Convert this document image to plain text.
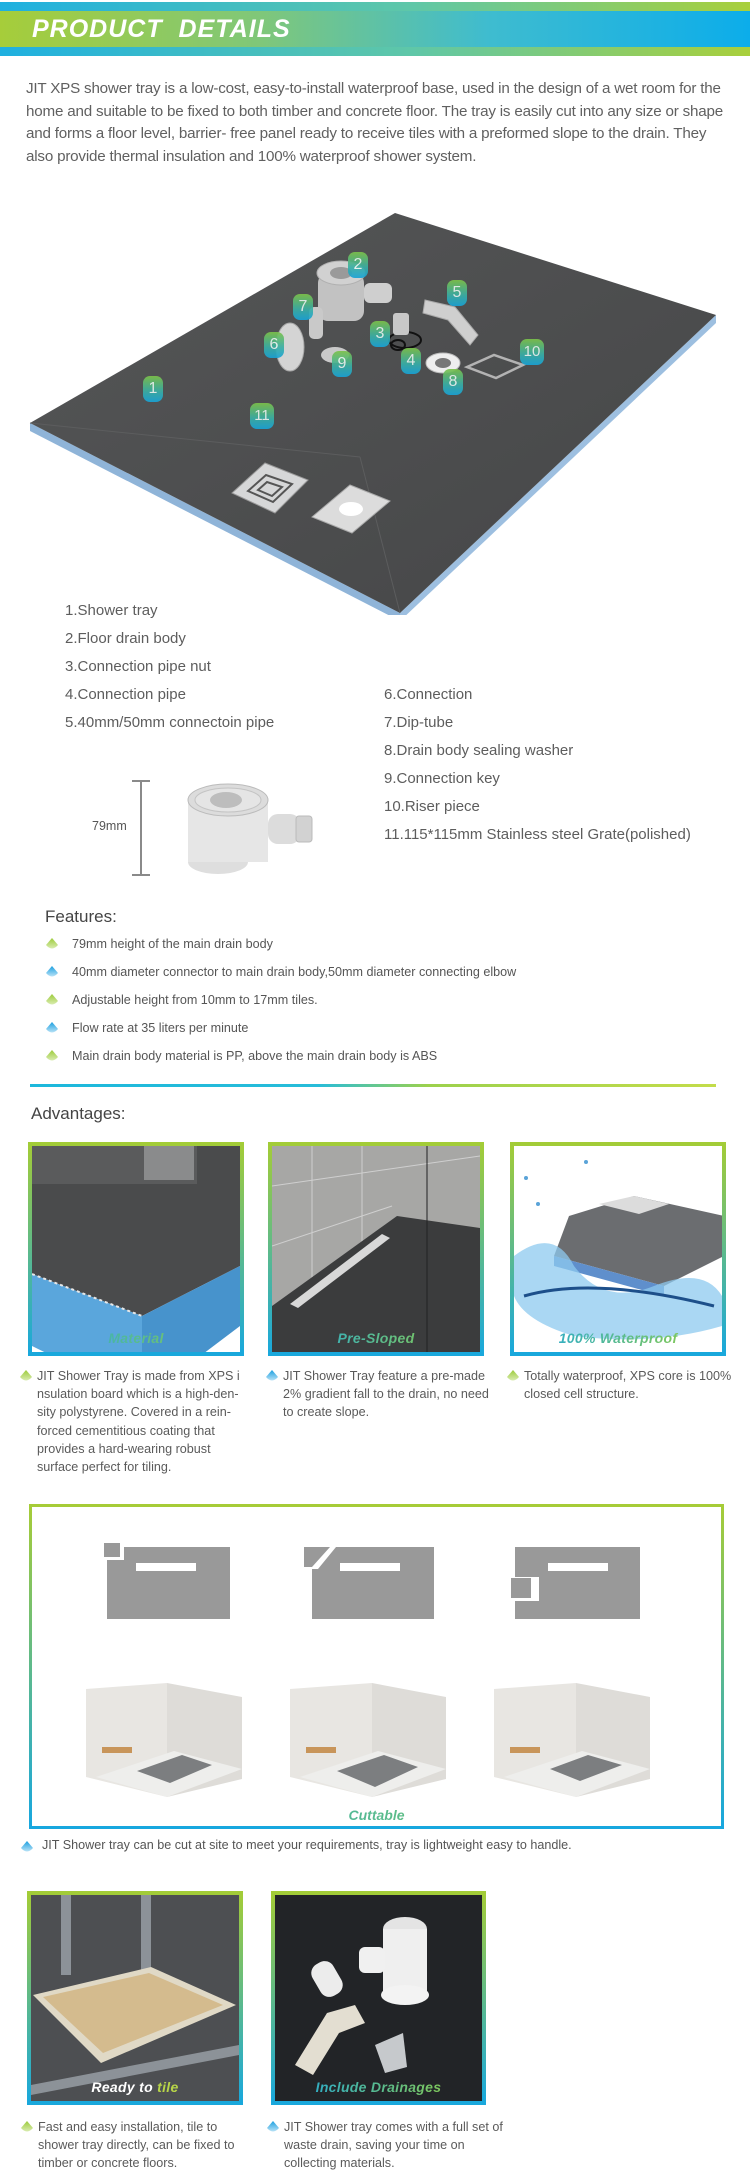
PRODUCT DETAILS

JIT XPS shower tray is a low-cost, easy-to-install waterproof base, used in the design of a wet room for the home and suitable to be fixed to both timber and concrete floor. The tray is easily cut into any size or shape and forms a floor level, barrier- free panel ready to receive tiles with a preformed slope to the drain. They also provide thermal insulation and 100% waterproof shower system.

1
2
3
4
5
6
7
8
9
10
11
1.Shower tray
2.Floor drain body
3.Connection pipe nut
4.Connection pipe
5.40mm/50mm connectoin pipe
6.Connection
7.Dip-tube
8.Drain body sealing washer
9.Connection key
10.Riser piece
11.115*115mm Stainless steel Grate(polished)
79mm
Features:
79mm height of the main drain body
40mm diameter connector to main drain body,50mm diameter connecting elbow
Adjustable height from 10mm to 17mm tiles.
Flow rate at 35 liters per minute
Main drain body material is PP, above the main drain body is ABS
Advantages:
Material	Pre-Sloped	100% Waterproof
JIT Shower Tray is made from XPS i nsulation board which is a high-den- sity polystyrene. Covered in a rein- forced cementitious coating that provides a hard-wearing robust surface perfect for tiling.
JIT Shower Tray feature a pre-made 2% gradient fall to the drain, no need to create slope.
Totally waterproof, XPS core is 100% closed cell structure.
Cuttable
JIT Shower tray can be cut at site to meet your requirements, tray is lightweight easy to handle.
Ready to tile	Include Drainages
Fast and easy installation, tile to shower tray directly, can be fixed to timber or concrete floors.
JIT Shower tray comes with a full set of waste drain, saving your time on collecting materials.
